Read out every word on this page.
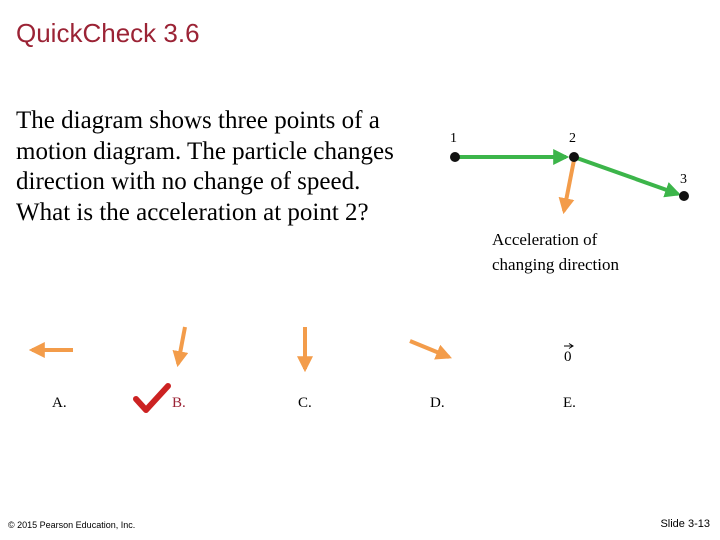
QuickCheck 3.6
The diagram shows three points of a motion diagram. The particle changes direction with no change of speed. What is the acceleration at point 2?
1	2
3
Acceleration of
changing direction
0
A.	B.	C.	D.	E.
© 2015 Pearson Education, Inc.	Slide 3-13
